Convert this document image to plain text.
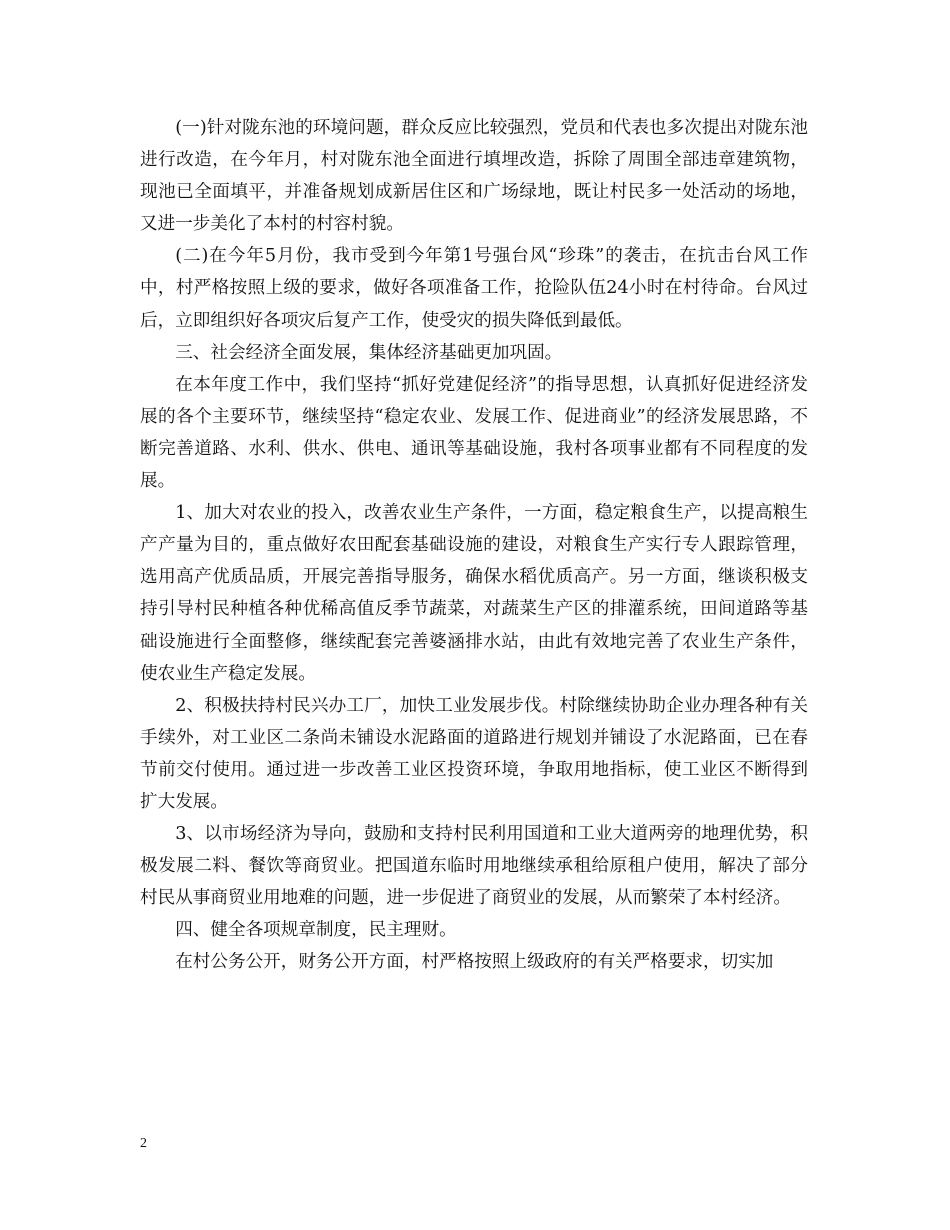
(一)针对陇东池的环境问题，群众反应比较强烈，党员和代表也多次提出对陇东池进行改造，在今年月，村对陇东池全面进行填埋改造，拆除了周围全部违章建筑物，现池已全面填平，并准备规划成新居住区和广场绿地，既让村民多一处活动的场地，又进一步美化了本村的村容村貌。

(二)在今年5月份，我市受到今年第1号强台风“珍珠”的袭击，在抗击台风工作中，村严格按照上级的要求，做好各项准备工作，抢险队伍24小时在村待命。台风过后，立即组织好各项灾后复产工作，使受灾的损失降低到最低。

三、社会经济全面发展，集体经济基础更加巩固。

在本年度工作中，我们坚持“抓好党建促经济”的指导思想，认真抓好促进经济发展的各个主要环节，继续坚持“稳定农业、发展工作、促进商业”的经济发展思路，不断完善道路、水利、供水、供电、通讯等基础设施，我村各项事业都有不同程度的发展。

1、加大对农业的投入，改善农业生产条件，一方面，稳定粮食生产，以提高粮生产产量为目的，重点做好农田配套基础设施的建设，对粮食生产实行专人跟踪管理，选用高产优质品质，开展完善指导服务，确保水稻优质高产。另一方面，继谈积极支持引导村民种植各种优稀高值反季节蔬菜，对蔬菜生产区的排灌系统，田间道路等基础设施进行全面整修，继续配套完善婆涵排水站，由此有效地完善了农业生产条件，使农业生产稳定发展。

2、积极扶持村民兴办工厂，加快工业发展步伐。村除继续协助企业办理各种有关手续外，对工业区二条尚未铺设水泥路面的道路进行规划并铺设了水泥路面，已在春节前交付使用。通过进一步改善工业区投资环境，争取用地指标，使工业区不断得到扩大发展。

3、以市场经济为导向，鼓励和支持村民利用国道和工业大道两旁的地理优势，积极发展二料、餐饮等商贸业。把国道东临时用地继续承租给原租户使用，解决了部分村民从事商贸业用地难的问题，进一步促进了商贸业的发展，从而繁荣了本村经济。

四、健全各项规章制度，民主理财。

在村公务公开，财务公开方面，村严格按照上级政府的有关严格要求，切实加

2
